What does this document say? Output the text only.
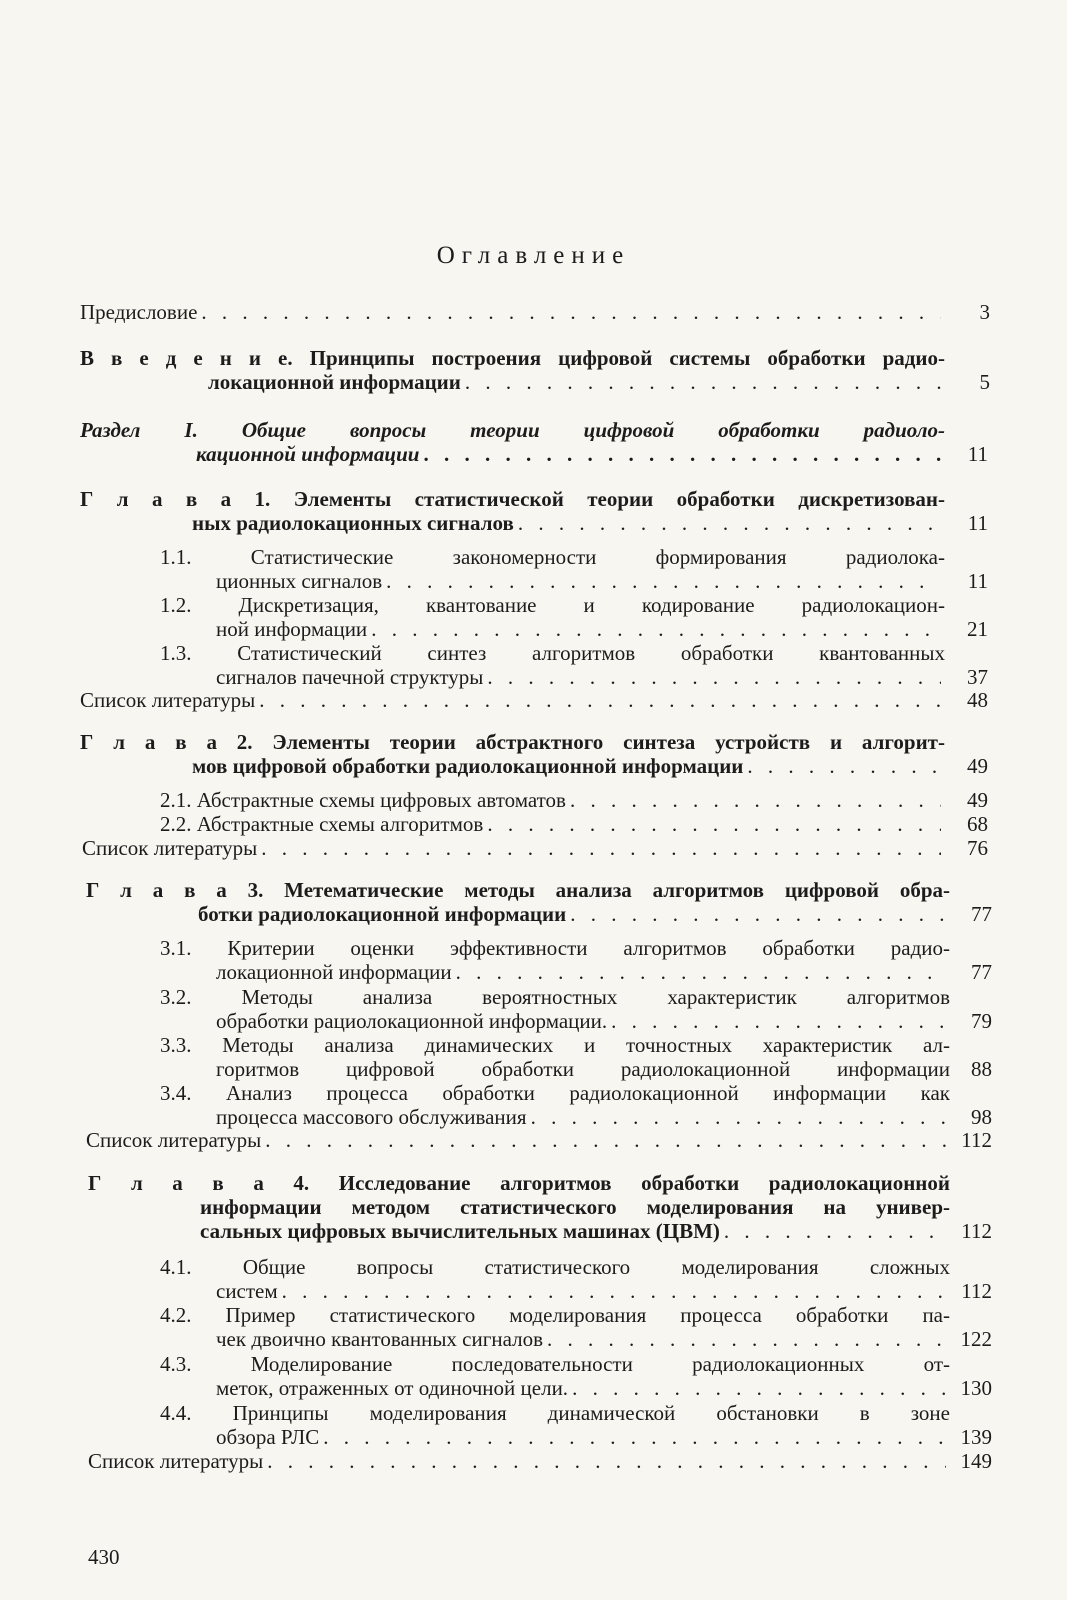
Оглавление
Предисловие . . .	3
В в е д е н и е. Принципы построения цифровой системы обработки радио-
локационной информации . . .	5
Раздел I. Общие вопросы теории цифровой обработки радиоло-
кационной информации . . .	11
Г л а в а 1. Элементы статистической теории обработки дискретизован-
ных радиолокационных сигналов . . .	11
1.1. Статистические закономерности формирования радиолока-
ционных сигналов . . .	11
1.2. Дискретизация, квантование и кодирование радиолокацион-
ной информации . . .	21
1.3. Статистический синтез алгоритмов обработки квантованных
сигналов пачечной структуры . . .	37
Список литературы . . .	48
Г л а в а 2. Элементы теории абстрактного синтеза устройств и алгорит-
мов цифровой обработки радиолокационной информации . . .	49
2.1. Абстрактные схемы цифровых автоматов . . .	49
2.2. Абстрактные схемы алгоритмов . . .	68
Список литературы . . .	76
Г л а в а 3. Метематические методы анализа алгоритмов цифровой обра-
ботки радиолокационной информации . . .	77
3.1. Критерии оценки эффективности алгоритмов обработки радио-
локационной информации . . .	77
3.2. Методы анализа вероятностных характеристик алгоритмов
обработки рациолокационной информации. . . .	79
3.3. Методы анализа динамических и точностных характеристик ал-
горитмов цифровой обработки радиолокационной информации	88
3.4. Анализ процесса обработки радиолокационной информации как
процесса массового обслуживания . . .	98
Список литературы . . .	112
Г л а в а 4. Исследование алгоритмов обработки радиолокационной
информации методом статистического моделирования на универ-
сальных цифровых вычислительных машинах (ЦВМ) . . .	112
4.1. Общие вопросы статистического моделирования сложных
систем . . .	112
4.2. Пример статистического моделирования процесса обработки па-
чек двоично квантованных сигналов . . .	122
4.3. Моделирование последовательности радиолокационных от-
меток, отраженных от одиночной цели. . . .	130
4.4. Принципы моделирования динамической обстановки в зоне
обзора РЛС . . .	139
Список литературы . . .	149
430
